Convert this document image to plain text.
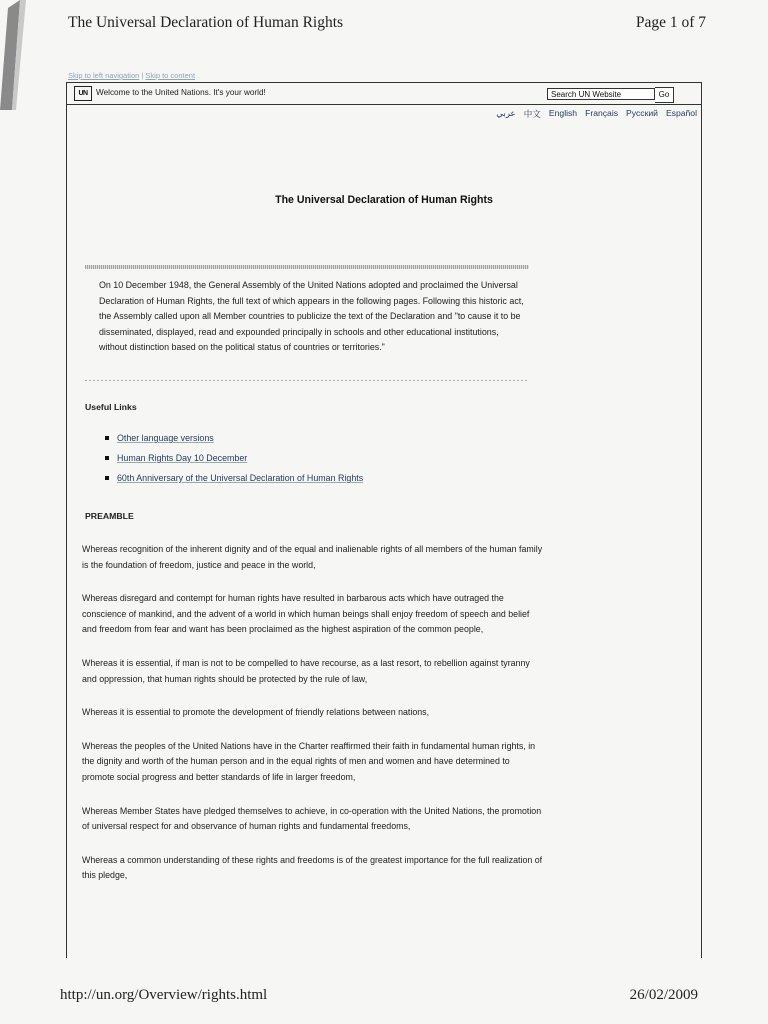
The Universal Declaration of Human Rights	Page 1 of 7
Skip to left navigation | Skip to content
UN	Welcome to the United Nations. It's your world!	Search UN Website	Go
عربي 中文 English Français Русский Español
The Universal Declaration of Human Rights
On 10 December 1948, the General Assembly of the United Nations adopted and proclaimed the Universal Declaration of Human Rights, the full text of which appears in the following pages. Following this historic act, the Assembly called upon all Member countries to publicize the text of the Declaration and "to cause it to be disseminated, displayed, read and expounded principally in schools and other educational institutions, without distinction based on the political status of countries or territories."
Useful Links
Other language versions
Human Rights Day 10 December
60th Anniversary of the Universal Declaration of Human Rights
PREAMBLE

Whereas recognition of the inherent dignity and of the equal and inalienable rights of all members of the human family is the foundation of freedom, justice and peace in the world,

Whereas disregard and contempt for human rights have resulted in barbarous acts which have outraged the conscience of mankind, and the advent of a world in which human beings shall enjoy freedom of speech and belief and freedom from fear and want has been proclaimed as the highest aspiration of the common people,

Whereas it is essential, if man is not to be compelled to have recourse, as a last resort, to rebellion against tyranny and oppression, that human rights should be protected by the rule of law,

Whereas it is essential to promote the development of friendly relations between nations,

Whereas the peoples of the United Nations have in the Charter reaffirmed their faith in fundamental human rights, in the dignity and worth of the human person and in the equal rights of men and women and have determined to promote social progress and better standards of life in larger freedom,

Whereas Member States have pledged themselves to achieve, in co-operation with the United Nations, the promotion of universal respect for and observance of human rights and fundamental freedoms,

Whereas a common understanding of these rights and freedoms is of the greatest importance for the full realization of this pledge,

http://un.org/Overview/rights.html	26/02/2009
